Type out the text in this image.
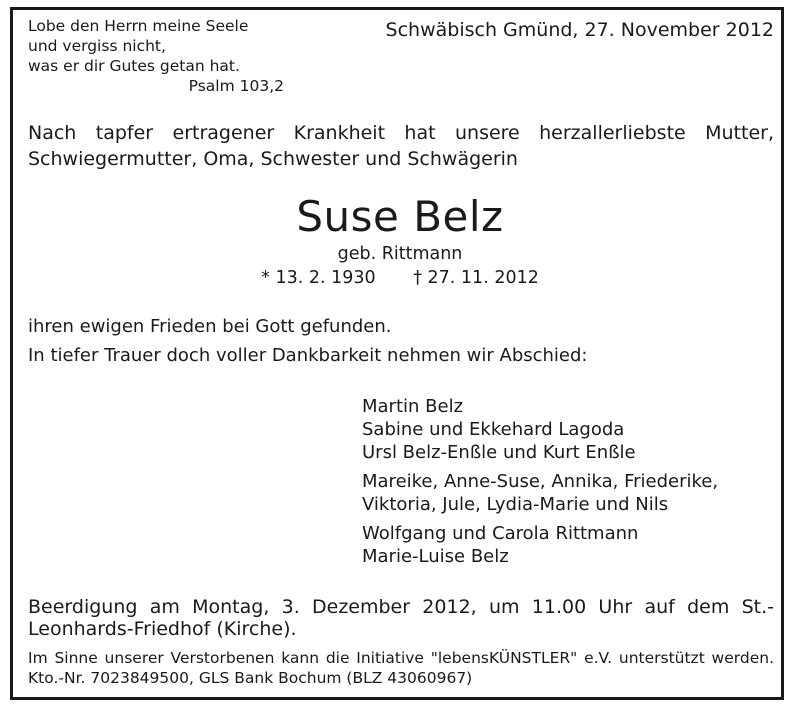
Lobe den Herrn meine Seele
und vergiss nicht,
was er dir Gutes getan hat.
Psalm 103,2
Schwäbisch Gmünd, 27. November 2012
Nach tapfer ertragener Krankheit hat unsere herzallerliebste Mutter, Schwiegermutter, Oma, Schwester und Schwägerin
Suse Belz
geb. Rittmann
* 13. 2. 1930 † 27. 11. 2012
ihren ewigen Frieden bei Gott gefunden.
In tiefer Trauer doch voller Dankbarkeit nehmen wir Abschied:
Martin Belz
Sabine und Ekkehard Lagoda
Ursl Belz-Enßle und Kurt Enßle
Mareike, Anne-Suse, Annika, Friederike,
Viktoria, Jule, Lydia-Marie und Nils
Wolfgang und Carola Rittmann
Marie-Luise Belz
Beerdigung am Montag, 3. Dezember 2012, um 11.00 Uhr auf dem St.-Leonhards-Friedhof (Kirche).
Im Sinne unserer Verstorbenen kann die Initiative "lebensKÜNSTLER" e.V. unterstützt werden. Kto.-Nr. 7023849500, GLS Bank Bochum (BLZ 43060967)
